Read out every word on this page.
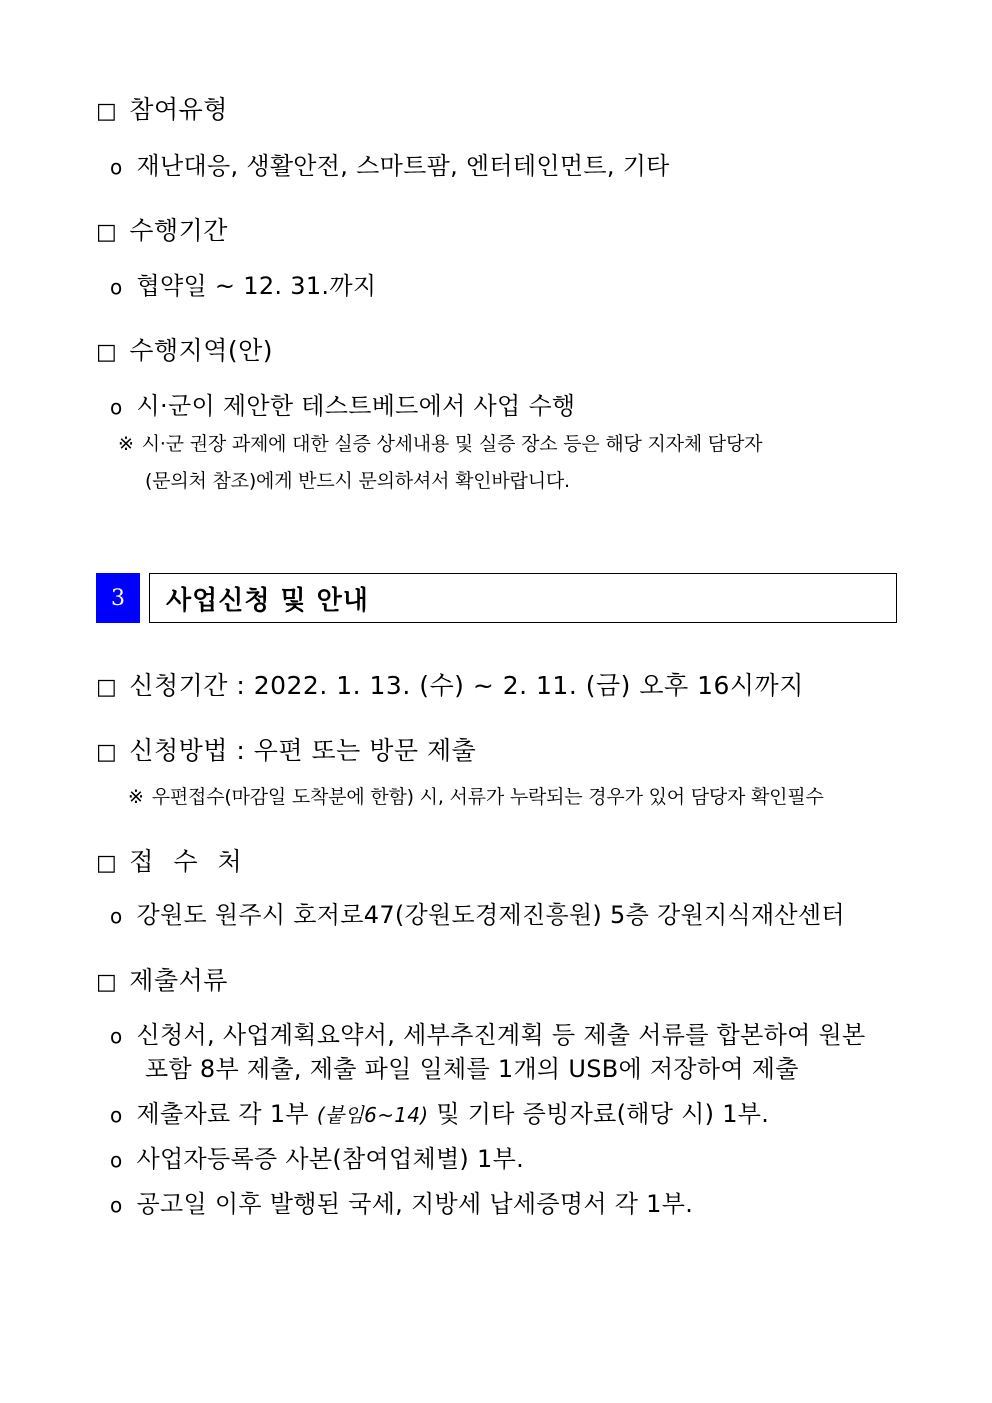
□ 참여유형
ο 재난대응, 생활안전, 스마트팜, 엔터테인먼트, 기타
□ 수행기간
ο 협약일 ~ 12. 31.까지
□ 수행지역(안)
ο 시·군이 제안한 테스트베드에서 사업 수행
※ 시·군 권장 과제에 대한 실증 상세내용 및 실증 장소 등은 해당 지자체 담당자
(문의처 참조)에게 반드시 문의하셔서 확인바랍니다.
3	사업신청 및 안내
□ 신청기간 : 2022. 1. 13. (수) ~ 2. 11. (금) 오후 16시까지
□ 신청방법 : 우편 또는 방문 제출
※ 우편접수(마감일 도착분에 한함) 시, 서류가 누락되는 경우가 있어 담당자 확인필수
□ 접 수 처
ο 강원도 원주시 호저로47(강원도경제진흥원) 5층 강원지식재산센터
□ 제출서류
ο 신청서, 사업계획요약서, 세부추진계획 등 제출 서류를 합본하여 원본
포함 8부 제출, 제출 파일 일체를 1개의 USB에 저장하여 제출
ο 제출자료 각 1부 (붙임6~14) 및 기타 증빙자료(해당 시) 1부.
ο 사업자등록증 사본(참여업체별) 1부.
ο 공고일 이후 발행된 국세, 지방세 납세증명서 각 1부.
